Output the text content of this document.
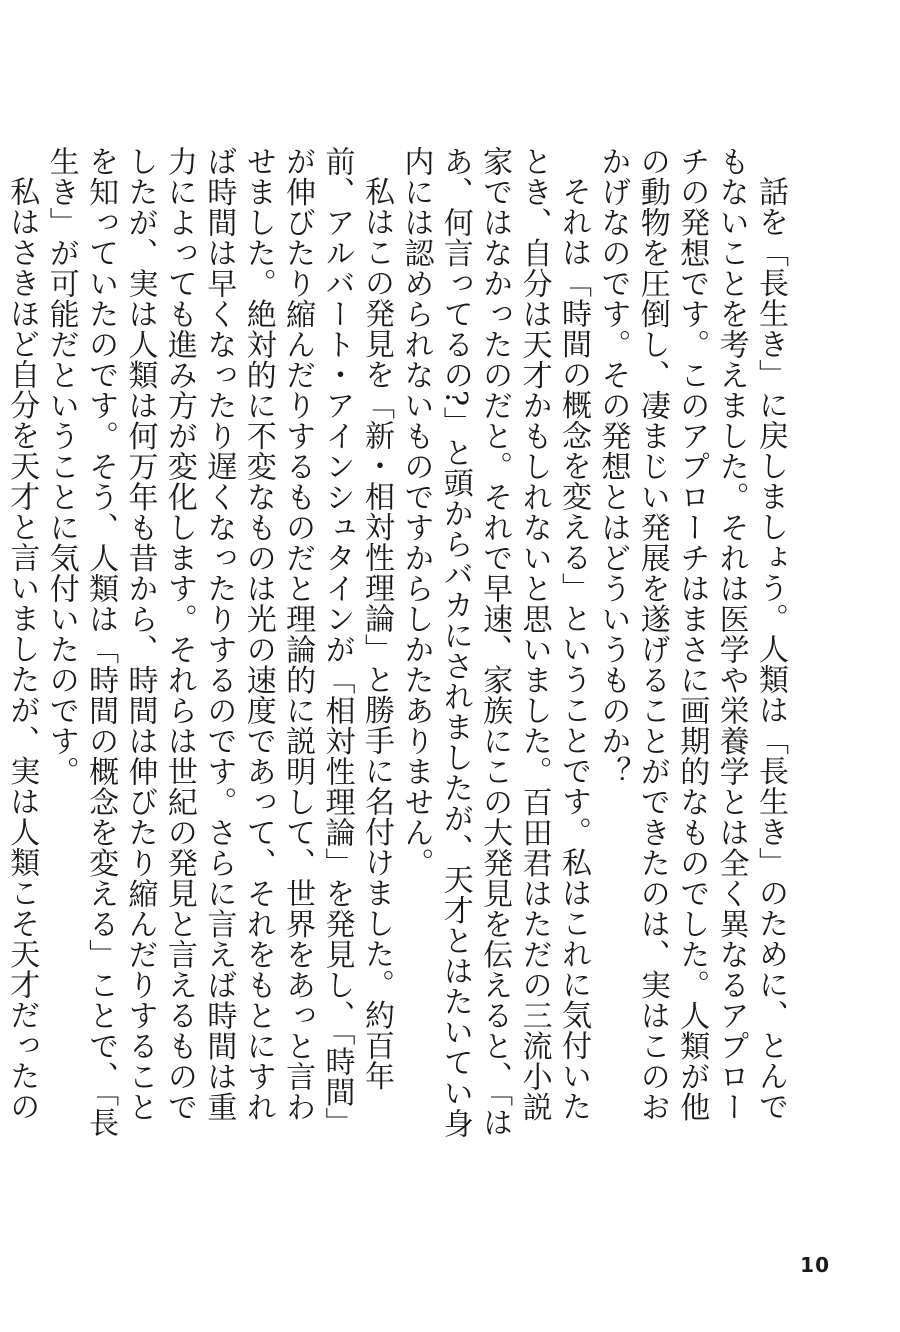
話を「長生き」に戻しましょう。人類は「長生き」のために、とんでもないことを考えました。それは医学や栄養学とは全く異なるアプローチの発想です。このアプローチはまさに画期的なものでした。人類が他の動物を圧倒し、凄まじい発展を遂げることができたのは、実はこのおかげなのです。その発想とはどういうものか？

それは「時間の概念を変える」ということです。私はこれに気付いたとき、自分は天才かもしれないと思いました。百田君はただの三流小説家ではなかったのだと。それで早速、家族にこの大発見を伝えると、「はあ、何言ってるの?」と頭からバカにされましたが、天才とはたいてい身内には認められないものですからしかたありません。

私はこの発見を「新・相対性理論」と勝手に名付けました。約百年前、アルバート・アインシュタインが「相対性理論」を発見し、「時間」が伸びたり縮んだりするものだと理論的に説明して、世界をあっと言わせました。絶対的に不変なものは光の速度であって、それをもとにすれば時間は早くなったり遅くなったりするのです。さらに言えば時間は重力によっても進み方が変化します。それらは世紀の発見と言えるものでしたが、実は人類は何万年も昔から、時間は伸びたり縮んだりすることを知っていたのです。そう、人類は「時間の概念を変える」ことで、「長生き」が可能だということに気付いたのです。

私はさきほど自分を天才と言いましたが、実は人類こそ天才だったの

10
